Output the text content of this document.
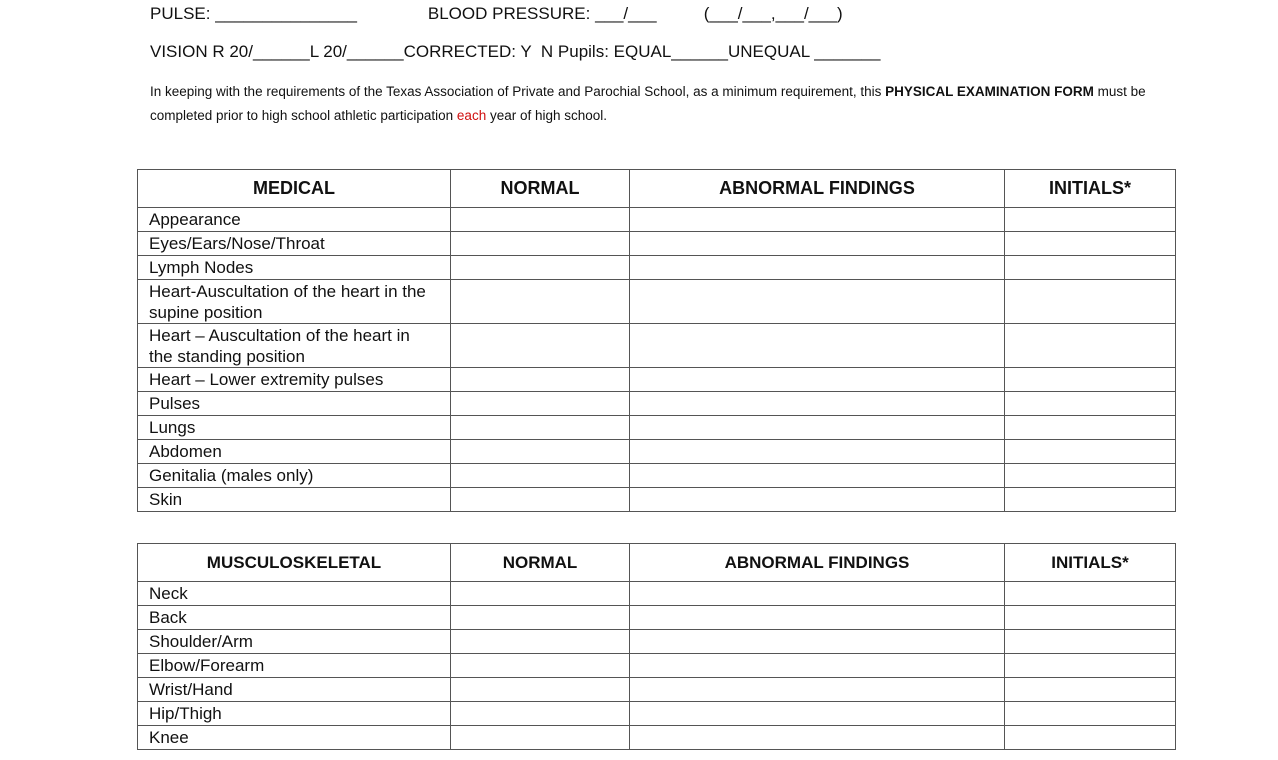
PULSE: _______________               BLOOD PRESSURE: ___/___          (___/___,___/___)
VISION R 20/______L 20/______CORRECTED: Y  N Pupils: EQUAL______UNEQUAL _______
In keeping with the requirements of the Texas Association of Private and Parochial School, as a minimum requirement, this PHYSICAL EXAMINATION FORM must be completed prior to high school athletic participation each year of high school.
MEDICAL	NORMAL	ABNORMAL FINDINGS	INITIALS*
Appearance			
Eyes/Ears/Nose/Throat			
Lymph Nodes			
Heart-Auscultation of the heart in the supine position			
Heart – Auscultation of the heart in the standing position			
Heart – Lower extremity pulses			
Pulses			
Lungs			
Abdomen			
Genitalia (males only)			
Skin			
MUSCULOSKELETAL	NORMAL	ABNORMAL FINDINGS	INITIALS*
Neck			
Back			
Shoulder/Arm			
Elbow/Forearm			
Wrist/Hand			
Hip/Thigh			
Knee			
